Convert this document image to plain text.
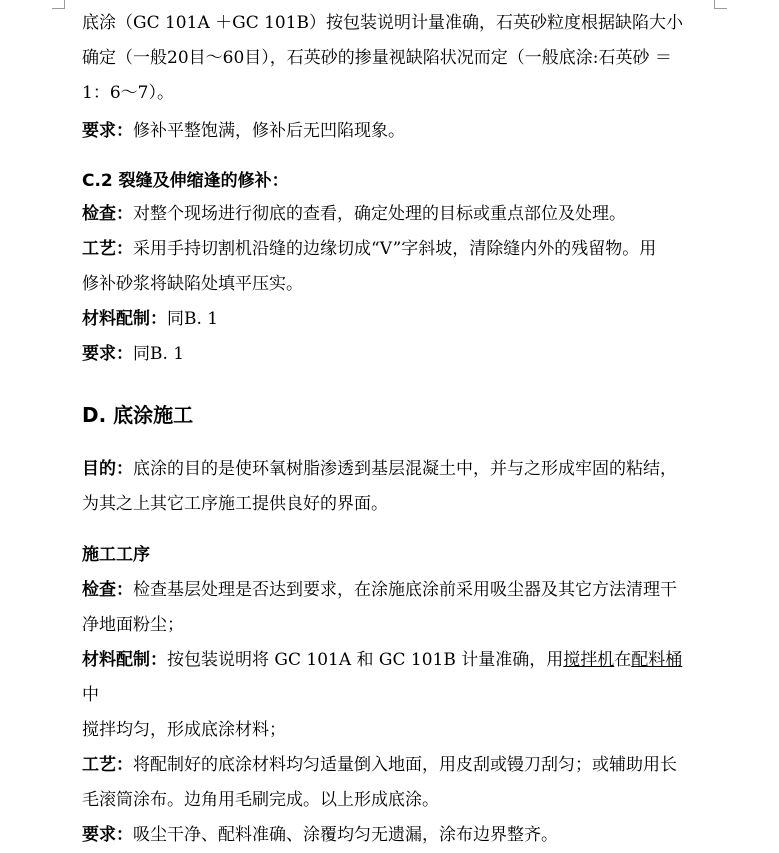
底涂（GC 101A ＋GC 101B）按包装说明计量准确，石英砂粒度根据缺陷大小

确定（一般20目～60目），石英砂的掺量视缺陷状况而定（一般底涂:石英砂 ＝

1：6～7）。

要求：修补平整饱满，修补后无凹陷现象。

C.2 裂缝及伸缩逢的修补：

检查：对整个现场进行彻底的查看，确定处理的目标或重点部位及处理。

工艺：采用手持切割机沿缝的边缘切成“V”字斜坡，清除缝内外的残留物。用

修补砂浆将缺陷处填平压实。

材料配制：同B. 1

要求：同B. 1

D. 底涂施工

目的：底涂的目的是使环氧树脂渗透到基层混凝土中，并与之形成牢固的粘结，

为其之上其它工序施工提供良好的界面。

施工工序

检查：检查基层处理是否达到要求，在涂施底涂前采用吸尘器及其它方法清理干

净地面粉尘；

材料配制：按包装说明将 GC 101A 和 GC 101B 计量准确，用搅拌机在配料桶中

搅拌均匀，形成底涂材料；

工艺：将配制好的底涂材料均匀适量倒入地面，用皮刮或镘刀刮匀；或辅助用长

毛滚筒涂布。边角用毛刷完成。以上形成底涂。

要求：吸尘干净、配料准确、涂覆均匀无遗漏，涂布边界整齐。
